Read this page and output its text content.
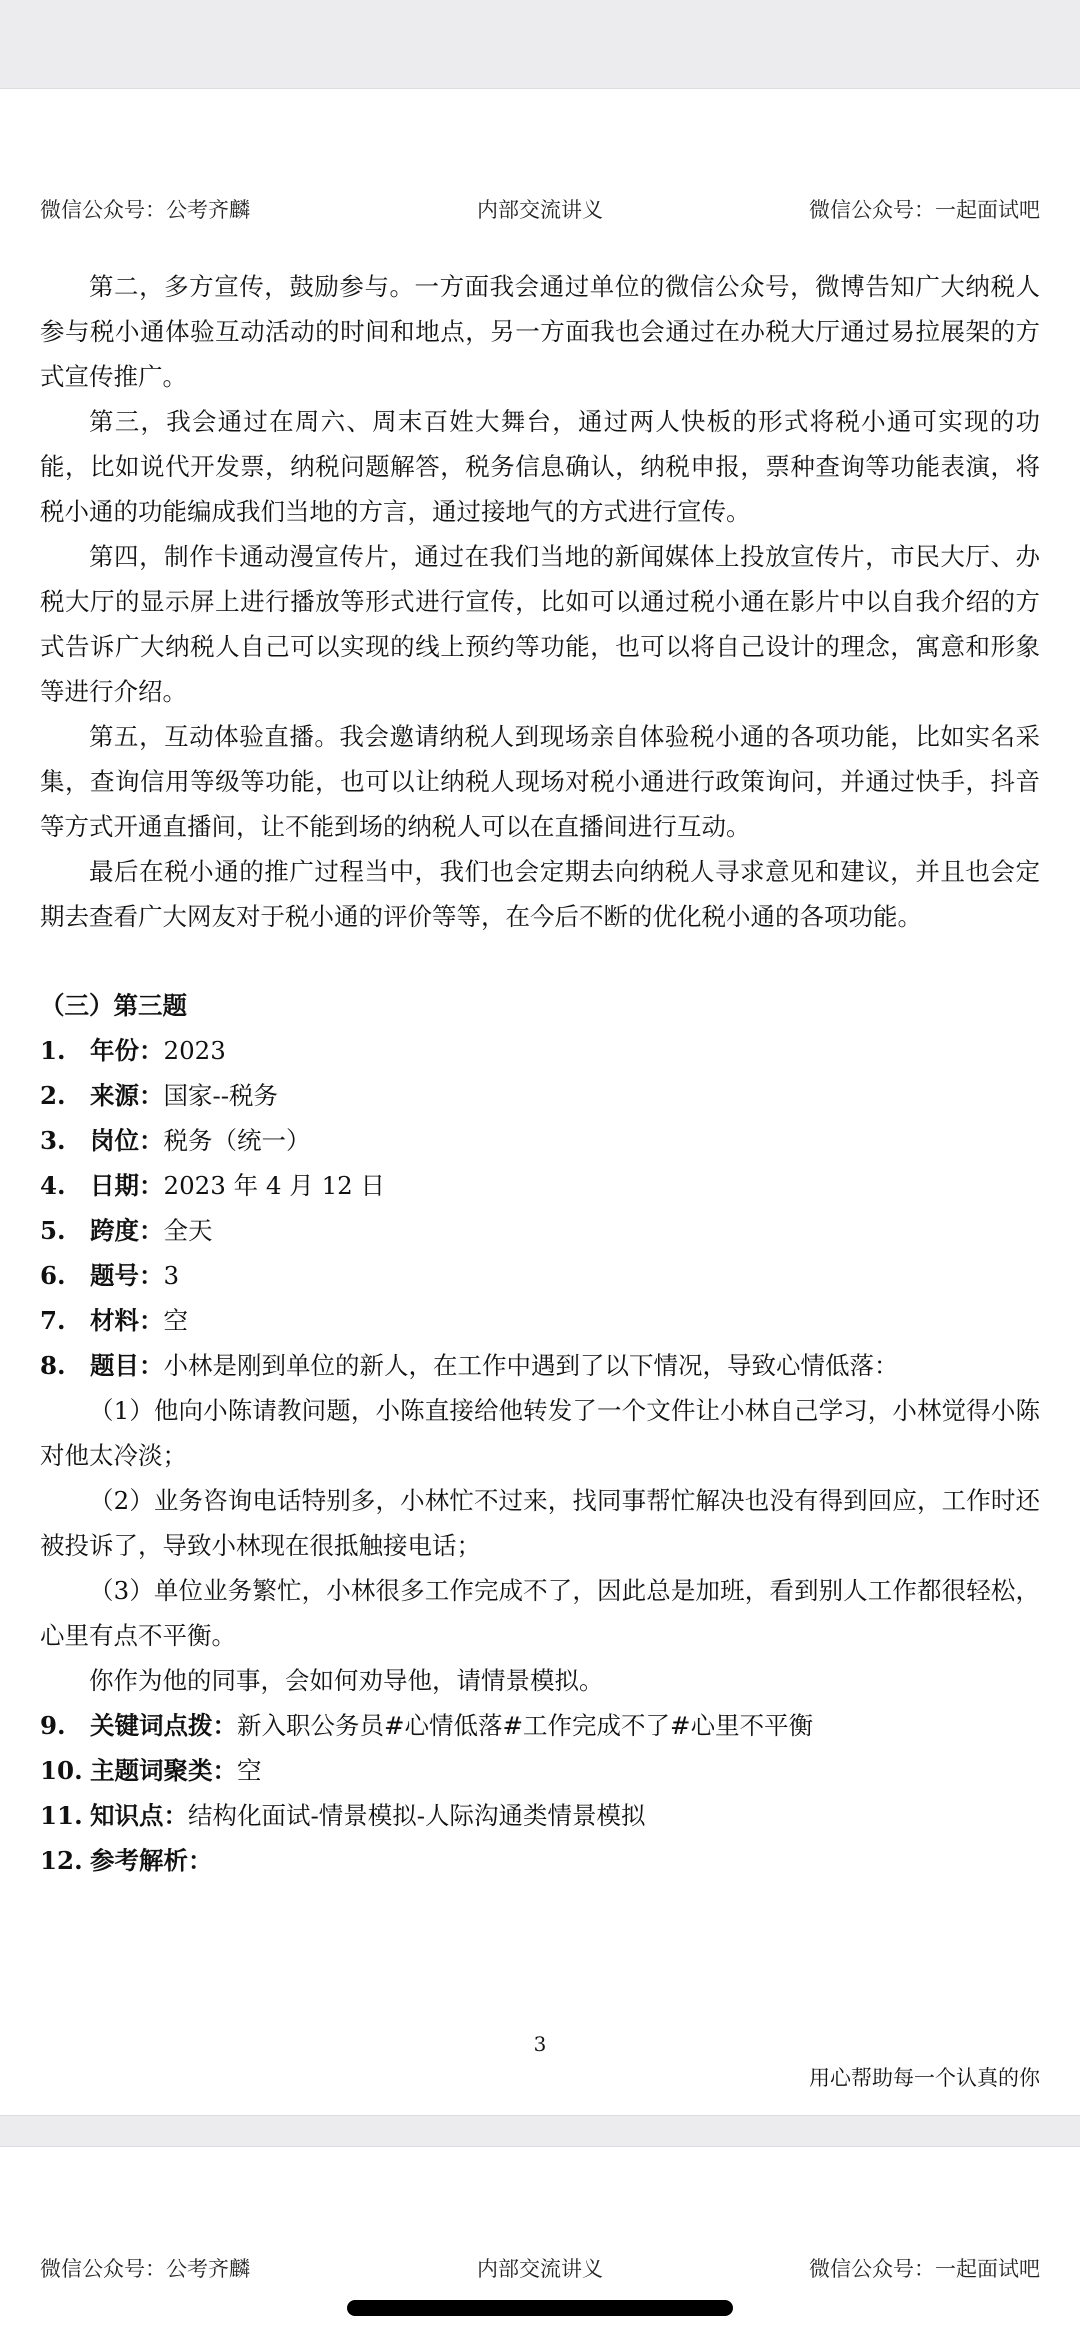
微信公众号：公考齐麟	内部交流讲义	微信公众号：一起面试吧

第二，多方宣传，鼓励参与。一方面我会通过单位的微信公众号，微博告知广大纳税人参与税小通体验互动活动的时间和地点，另一方面我也会通过在办税大厅通过易拉展架的方式宣传推广。

第三，我会通过在周六、周末百姓大舞台，通过两人快板的形式将税小通可实现的功能，比如说代开发票，纳税问题解答，税务信息确认，纳税申报，票种查询等功能表演，将税小通的功能编成我们当地的方言，通过接地气的方式进行宣传。

第四，制作卡通动漫宣传片，通过在我们当地的新闻媒体上投放宣传片，市民大厅、办税大厅的显示屏上进行播放等形式进行宣传，比如可以通过税小通在影片中以自我介绍的方式告诉广大纳税人自己可以实现的线上预约等功能，也可以将自己设计的理念，寓意和形象等进行介绍。

第五，互动体验直播。我会邀请纳税人到现场亲自体验税小通的各项功能，比如实名采集，查询信用等级等功能，也可以让纳税人现场对税小通进行政策询问，并通过快手，抖音等方式开通直播间，让不能到场的纳税人可以在直播间进行互动。

最后在税小通的推广过程当中，我们也会定期去向纳税人寻求意见和建议，并且也会定期去查看广大网友对于税小通的评价等等，在今后不断的优化税小通的各项功能。

（三）第三题
1. 年份：2023
2. 来源：国家--税务
3. 岗位：税务（统一）
4. 日期：2023 年 4 月 12 日
5. 跨度：全天
6. 题号：3
7. 材料：空
8. 题目：小林是刚到单位的新人，在工作中遇到了以下情况，导致心情低落：

（1）他向小陈请教问题，小陈直接给他转发了一个文件让小林自己学习，小林觉得小陈对他太冷淡；

（2）业务咨询电话特别多，小林忙不过来，找同事帮忙解决也没有得到回应，工作时还被投诉了，导致小林现在很抵触接电话；

（3）单位业务繁忙，小林很多工作完成不了，因此总是加班，看到别人工作都很轻松，心里有点不平衡。

你作为他的同事，会如何劝导他，请情景模拟。

9. 关键词点拨：新入职公务员#心情低落#工作完成不了#心里不平衡
10. 主题词聚类：空
11. 知识点：结构化面试-情景模拟-人际沟通类情景模拟
12. 参考解析：
3
用心帮助每一个认真的你
微信公众号：公考齐麟	内部交流讲义	微信公众号：一起面试吧
